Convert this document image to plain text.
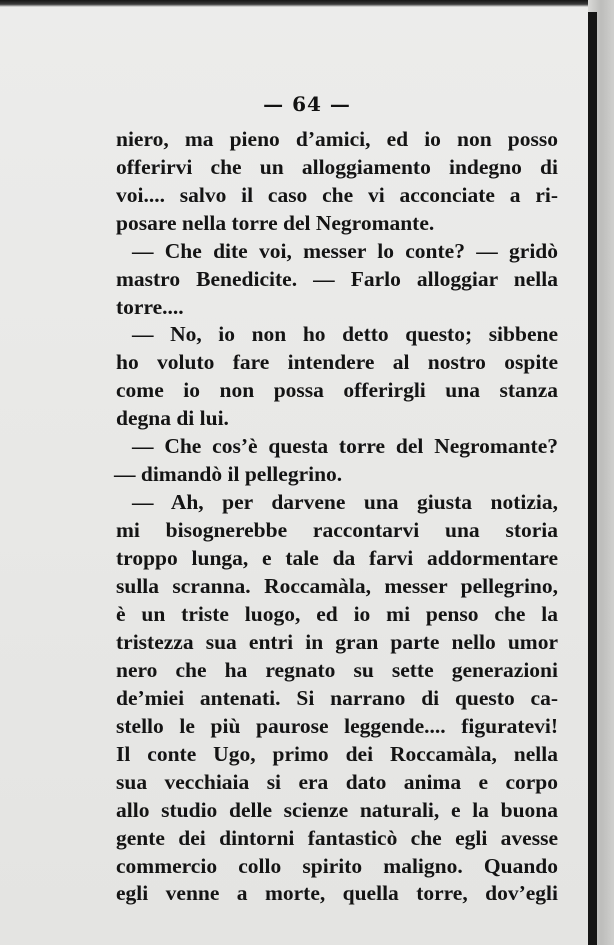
— 64 —
niero, ma pieno d’amici, ed io non posso
offerirvi che un alloggiamento indegno di
voi.... salvo il caso che vi acconciate a ri-
posare nella torre del Negromante.
— Che dite voi, messer lo conte? — gridò
mastro Benedicite. — Farlo alloggiar nella
torre....
— No, io non ho detto questo; sibbene
ho voluto fare intendere al nostro ospite
come io non possa offerirgli una stanza
degna di lui.
— Che cos’è questa torre del Negromante?
— dimandò il pellegrino.
— Ah, per darvene una giusta notizia,
mi bisognerebbe raccontarvi una storia
troppo lunga, e tale da farvi addormentare
sulla scranna. Roccamàla, messer pellegrino,
è un triste luogo, ed io mi penso che la
tristezza sua entri in gran parte nello umor
nero che ha regnato su sette generazioni
de’miei antenati. Si narrano di questo ca-
stello le più paurose leggende.... figuratevi!
Il conte Ugo, primo dei Roccamàla, nella
sua vecchiaia si era dato anima e corpo
allo studio delle scienze naturali, e la buona
gente dei dintorni fantasticò che egli avesse
commercio collo spirito maligno. Quando
egli venne a morte, quella torre, dov’egli
